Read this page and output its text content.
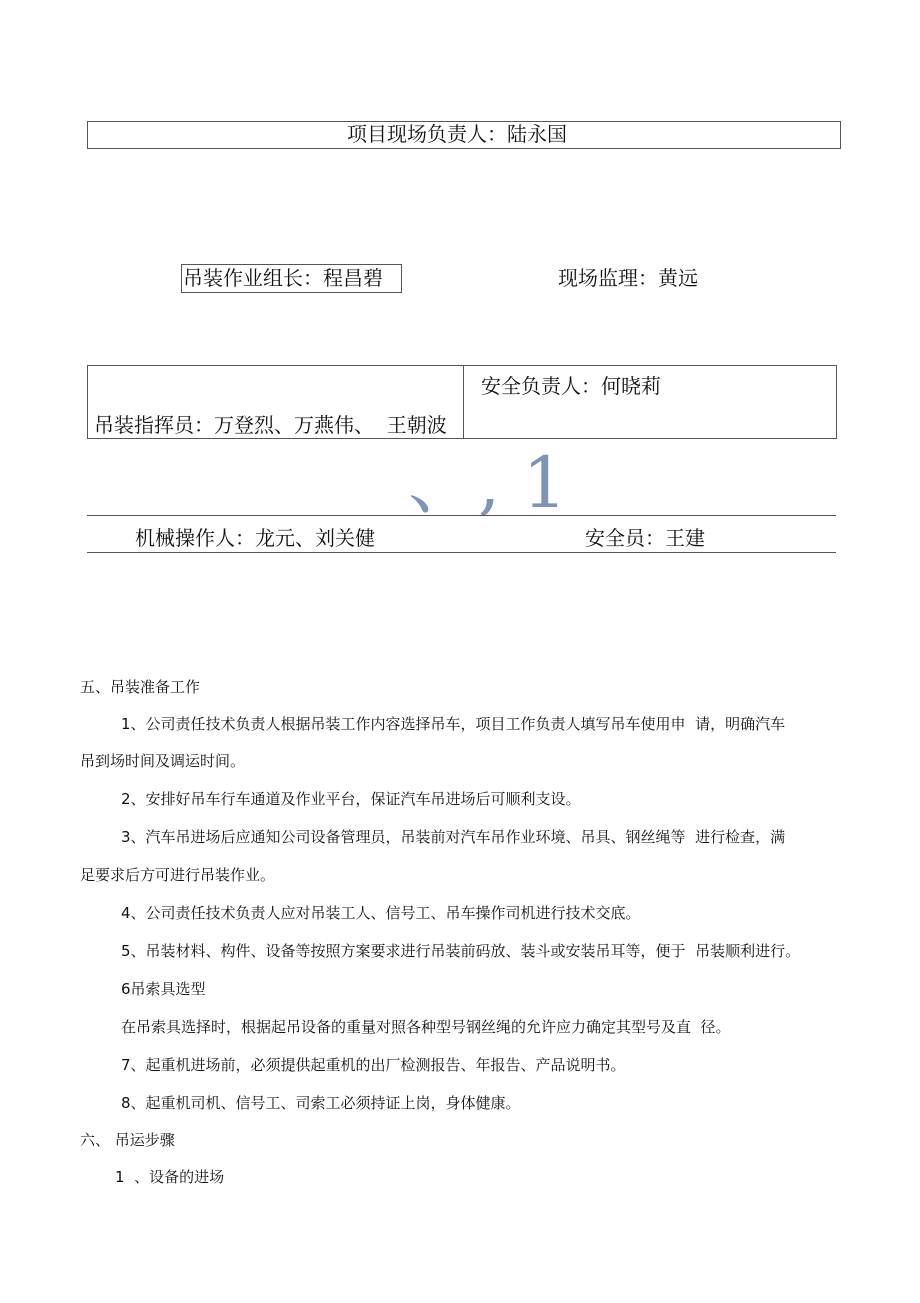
项目现场负责人：陆永国
吊装作业组长：程昌碧	现场监理：黄远
安全负责人：何晓莉
吊装指挥员：万登烈、万燕伟、  王朝波
、, 1
机械操作人：龙元、刘关健	安全员：王建
五、吊装准备工作
1、公司责任技术负责人根据吊装工作内容选择吊车，项目工作负责人填写吊车使用申  请，明确汽车
吊到场时间及调运时间。
2、安排好吊车行车通道及作业平台，保证汽车吊进场后可顺利支设。
3、汽车吊进场后应通知公司设备管理员，吊装前对汽车吊作业环境、吊具、钢丝绳等  进行检查，满
足要求后方可进行吊装作业。
4、公司责任技术负责人应对吊装工人、信号工、吊车操作司机进行技术交底。
5、吊装材料、构件、设备等按照方案要求进行吊装前码放、装斗或安装吊耳等，便于  吊装顺利进行。
6吊索具选型
在吊索具选择时，根据起吊设备的重量对照各种型号钢丝绳的允许应力确定其型号及直  径。
7、起重机进场前，必须提供起重机的出厂检测报告、年报告、产品说明书。
8、起重机司机、信号工、司索工必须持证上岗，身体健康。
六、 吊运步骤
1  、设备的进场
